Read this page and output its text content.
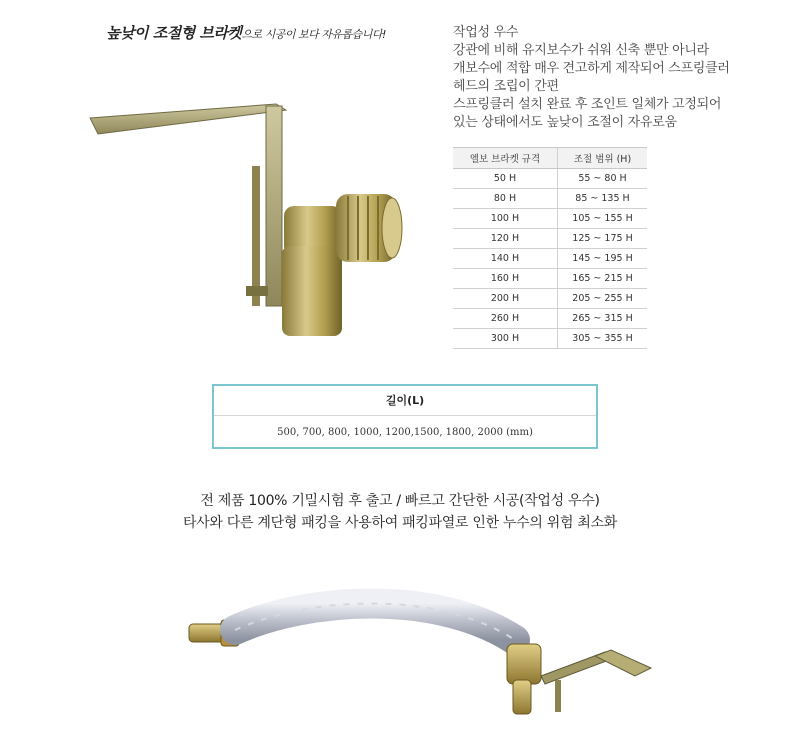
높낮이 조절형 브라켓으로 시공이 보다 자유롭습니다!	작업성 우수
강관에 비해 유지보수가 쉬워 신축 뿐만 아니라
개보수에 적합 매우 견고하게 제작되어 스프링클러
헤드의 조립이 간편
스프링클러 설치 완료 후 조인트 일체가 고정되어
있는 상태에서도 높낮이 조절이 자유로움
엘보 브라켓 규격	조절 범위 (H)
50 H	55 ~ 80 H
80 H	85 ~ 135 H
100 H	105 ~ 155 H
120 H	125 ~ 175 H
140 H	145 ~ 195 H
160 H	165 ~ 215 H
200 H	205 ~ 255 H
260 H	265 ~ 315 H
300 H	305 ~ 355 H
길이(L)
500, 700, 800, 1000, 1200,1500, 1800, 2000 (mm)
전 제품 100% 기밀시험 후 출고 / 빠르고 간단한 시공(작업성 우수)
타사와 다른 계단형 패킹을 사용하여 패킹파열로 인한 누수의 위험 최소화
